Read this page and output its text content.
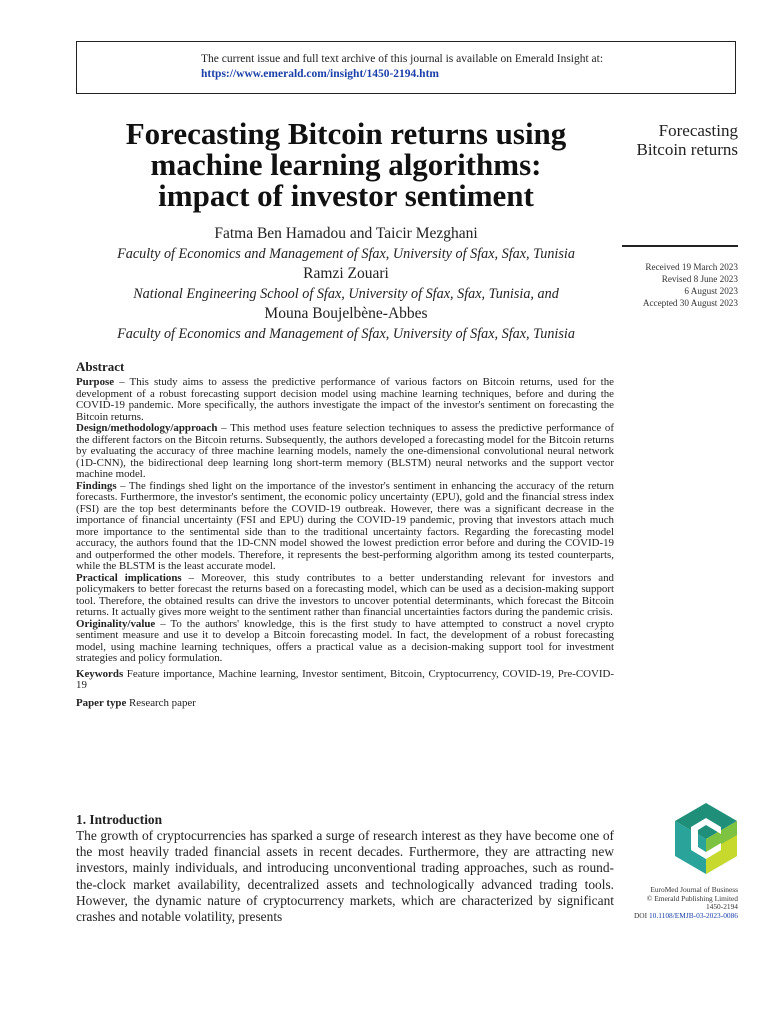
The current issue and full text archive of this journal is available on Emerald Insight at:
https://www.emerald.com/insight/1450-2194.htm
Forecasting
Bitcoin returns
Received 19 March 2023
Revised 8 June 2023
6 August 2023
Accepted 30 August 2023
Forecasting Bitcoin returns using
machine learning algorithms:
impact of investor sentiment
Fatma Ben Hamadou and Taicir Mezghani
Faculty of Economics and Management of Sfax, University of Sfax, Sfax, Tunisia
Ramzi Zouari
National Engineering School of Sfax, University of Sfax, Sfax, Tunisia, and
Mouna Boujelbène-Abbes
Faculty of Economics and Management of Sfax, University of Sfax, Sfax, Tunisia
Abstract

Purpose – This study aims to assess the predictive performance of various factors on Bitcoin returns, used for the development of a robust forecasting support decision model using machine learning techniques, before and during the COVID-19 pandemic. More specifically, the authors investigate the impact of the investor's sentiment on forecasting the Bitcoin returns.

Design/methodology/approach – This method uses feature selection techniques to assess the predictive performance of the different factors on the Bitcoin returns. Subsequently, the authors developed a forecasting model for the Bitcoin returns by evaluating the accuracy of three machine learning models, namely the one-dimensional convolutional neural network (1D-CNN), the bidirectional deep learning long short-term memory (BLSTM) neural networks and the support vector machine model.

Findings – The findings shed light on the importance of the investor's sentiment in enhancing the accuracy of the return forecasts. Furthermore, the investor's sentiment, the economic policy uncertainty (EPU), gold and the financial stress index (FSI) are the top best determinants before the COVID-19 outbreak. However, there was a significant decrease in the importance of financial uncertainty (FSI and EPU) during the COVID-19 pandemic, proving that investors attach much more importance to the sentimental side than to the traditional uncertainty factors. Regarding the forecasting model accuracy, the authors found that the 1D-CNN model showed the lowest prediction error before and during the COVID-19 and outperformed the other models. Therefore, it represents the best-performing algorithm among its tested counterparts, while the BLSTM is the least accurate model.

Practical implications – Moreover, this study contributes to a better understanding relevant for investors and policymakers to better forecast the returns based on a forecasting model, which can be used as a decision-making support tool. Therefore, the obtained results can drive the investors to uncover potential determinants, which forecast the Bitcoin returns. It actually gives more weight to the sentiment rather than financial uncertainties factors during the pandemic crisis.

Originality/value – To the authors' knowledge, this is the first study to have attempted to construct a novel crypto sentiment measure and use it to develop a Bitcoin forecasting model. In fact, the development of a robust forecasting model, using machine learning techniques, offers a practical value as a decision-making support tool for investment strategies and policy formulation.

Keywords Feature importance, Machine learning, Investor sentiment, Bitcoin, Cryptocurrency, COVID-19, Pre-COVID-19

Paper type Research paper

1. Introduction

The growth of cryptocurrencies has sparked a surge of research interest as they have become one of the most heavily traded financial assets in recent decades. Furthermore, they are attracting new investors, mainly individuals, and introducing unconventional trading approaches, such as round-the-clock market availability, decentralized assets and technologically advanced trading tools. However, the dynamic nature of cryptocurrency markets, which are characterized by significant crashes and notable volatility, presents

EuroMed Journal of Business
© Emerald Publishing Limited
1450-2194
DOI 10.1108/EMJB-03-2023-0086
